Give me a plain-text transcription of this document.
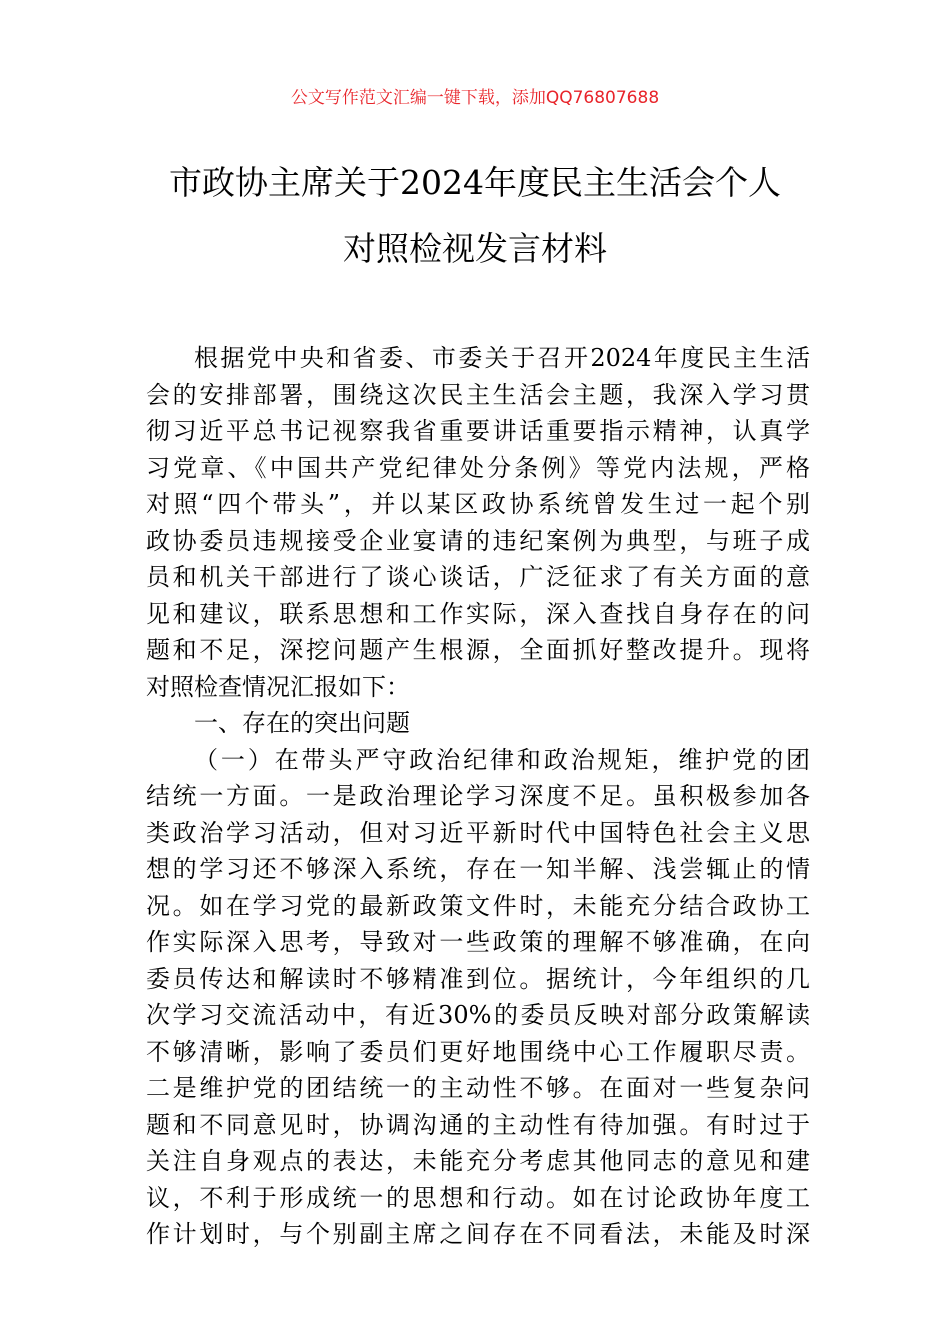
公文写作范文汇编一键下载，添加QQ76807688
市政协主席关于2024年度民主生活会个人
对照检视发言材料
根据党中央和省委、市委关于召开2024年度民主生活
会的安排部署，围绕这次民主生活会主题，我深入学习贯
彻习近平总书记视察我省重要讲话重要指示精神，认真学
习党章、《中国共产党纪律处分条例》等党内法规，严格
对照“四个带头”，并以某区政协系统曾发生过一起个别
政协委员违规接受企业宴请的违纪案例为典型，与班子成
员和机关干部进行了谈心谈话，广泛征求了有关方面的意
见和建议，联系思想和工作实际，深入查找自身存在的问
题和不足，深挖问题产生根源，全面抓好整改提升。现将
对照检查情况汇报如下：
一、存在的突出问题
（一）在带头严守政治纪律和政治规矩，维护党的团
结统一方面。一是政治理论学习深度不足。虽积极参加各
类政治学习活动，但对习近平新时代中国特色社会主义思
想的学习还不够深入系统，存在一知半解、浅尝辄止的情
况。如在学习党的最新政策文件时，未能充分结合政协工
作实际深入思考，导致对一些政策的理解不够准确，在向
委员传达和解读时不够精准到位。据统计，今年组织的几
次学习交流活动中，有近30%的委员反映对部分政策解读
不够清晰，影响了委员们更好地围绕中心工作履职尽责。
二是维护党的团结统一的主动性不够。在面对一些复杂问
题和不同意见时，协调沟通的主动性有待加强。有时过于
关注自身观点的表达，未能充分考虑其他同志的意见和建
议，不利于形成统一的思想和行动。如在讨论政协年度工
作计划时，与个别副主席之间存在不同看法，未能及时深
